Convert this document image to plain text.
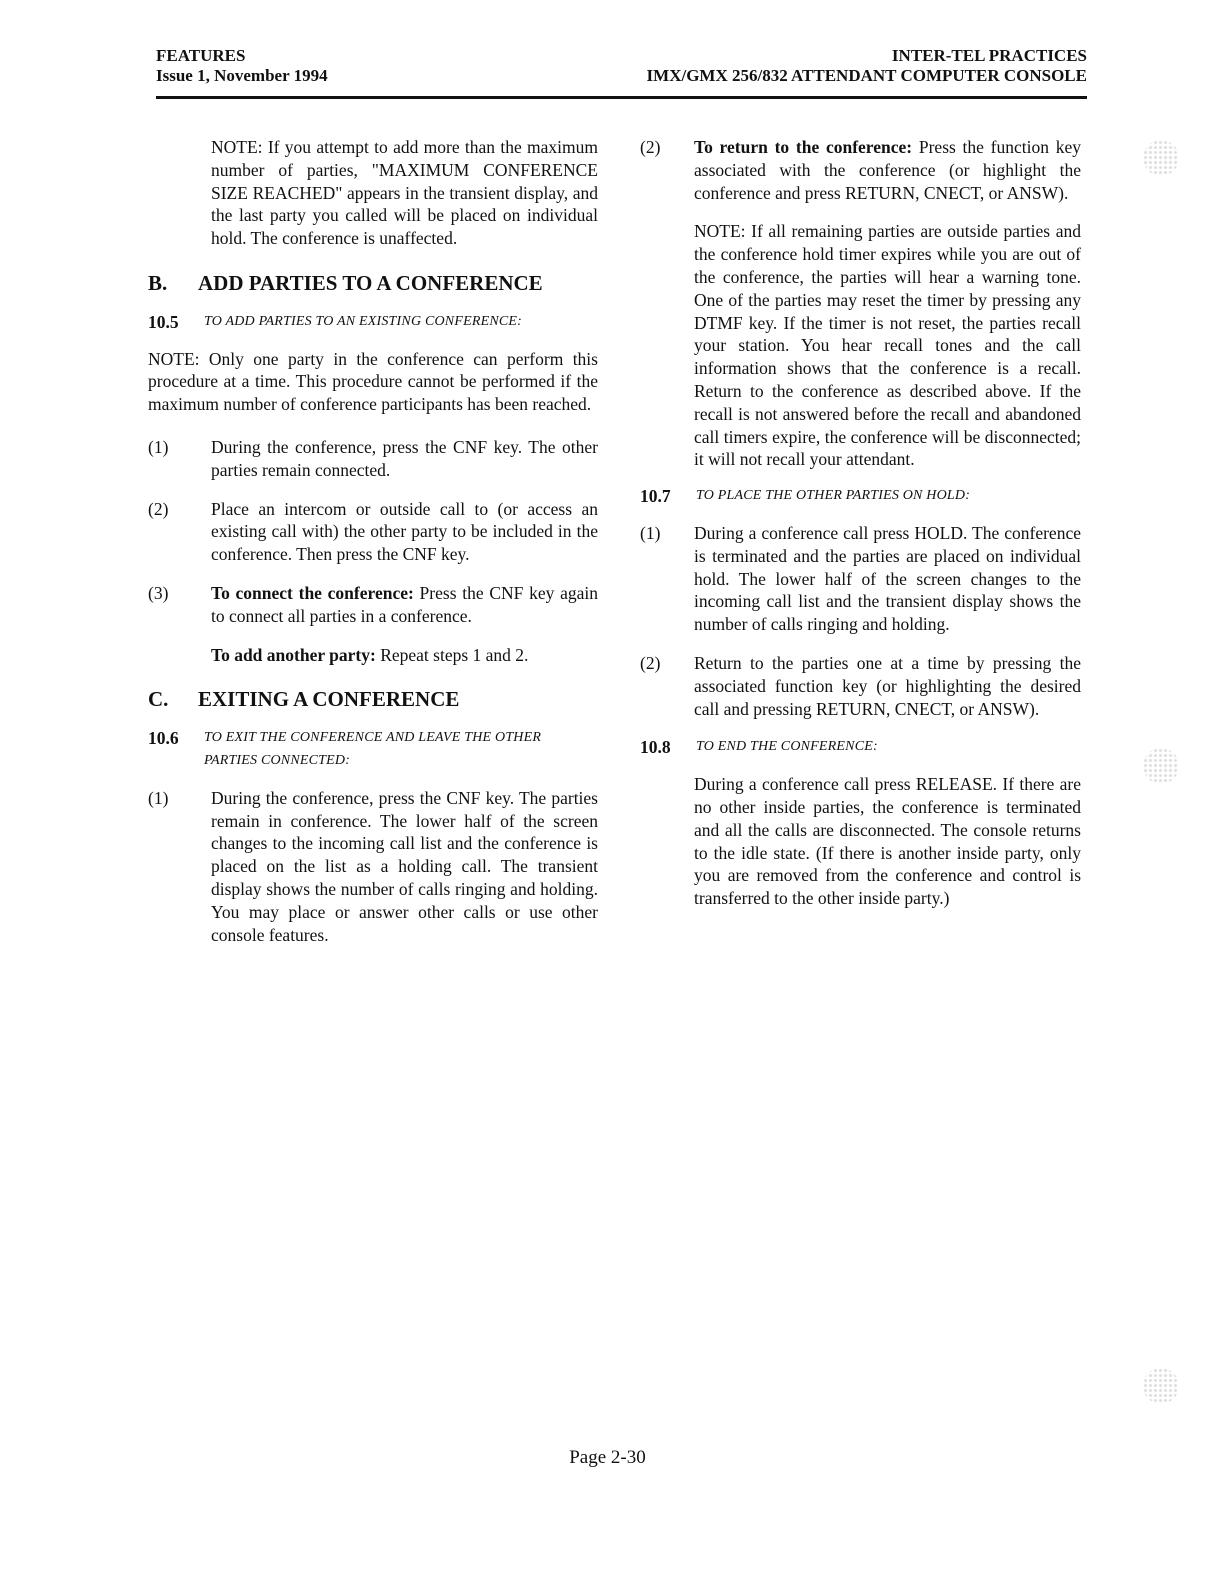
FEATURES
Issue 1, November 1994
INTER-TEL PRACTICES
IMX/GMX 256/832 ATTENDANT COMPUTER CONSOLE

NOTE: If you attempt to add more than the maximum number of parties, "MAXIMUM CONFERENCE SIZE REACHED" appears in the transient display, and the last party you called will be placed on individual hold. The conference is unaffected.

B.	ADD PARTIES TO A CONFERENCE
10.5	TO ADD PARTIES TO AN EXISTING CONFERENCE:

NOTE: Only one party in the conference can perform this procedure at a time. This procedure cannot be performed if the maximum number of conference participants has been reached.

(1)	During the conference, press the CNF key. The other parties remain connected.
(2)	Place an intercom or outside call to (or access an existing call with) the other party to be included in the conference. Then press the CNF key.
(3)	To connect the conference: Press the CNF key again to connect all parties in a conference.

To add another party: Repeat steps 1 and 2.

C.	EXITING A CONFERENCE
10.6	TO EXIT THE CONFERENCE AND LEAVE THE OTHER PARTIES CONNECTED:
(1)	During the conference, press the CNF key. The parties remain in conference. The lower half of the screen changes to the incoming call list and the conference is placed on the list as a holding call. The transient display shows the number of calls ringing and holding. You may place or answer other calls or use other console features.
(2)	To return to the conference: Press the function key associated with the conference (or highlight the conference and press RETURN, CNECT, or ANSW).

NOTE: If all remaining parties are outside parties and the conference hold timer expires while you are out of the conference, the parties will hear a warning tone. One of the parties may reset the timer by pressing any DTMF key. If the timer is not reset, the parties recall your station. You hear recall tones and the call information shows that the conference is a recall. Return to the conference as described above. If the recall is not answered before the recall and abandoned call timers expire, the conference will be disconnected; it will not recall your attendant.

10.7	TO PLACE THE OTHER PARTIES ON HOLD:
(1)	During a conference call press HOLD. The conference is terminated and the parties are placed on individual hold. The lower half of the screen changes to the incoming call list and the transient display shows the number of calls ringing and holding.
(2)	Return to the parties one at a time by pressing the associated function key (or highlighting the desired call and pressing RETURN, CNECT, or ANSW).
10.8	TO END THE CONFERENCE:

During a conference call press RELEASE. If there are no other inside parties, the conference is terminated and all the calls are disconnected. The console returns to the idle state. (If there is another inside party, only you are removed from the conference and control is transferred to the other inside party.)

Page 2-30
